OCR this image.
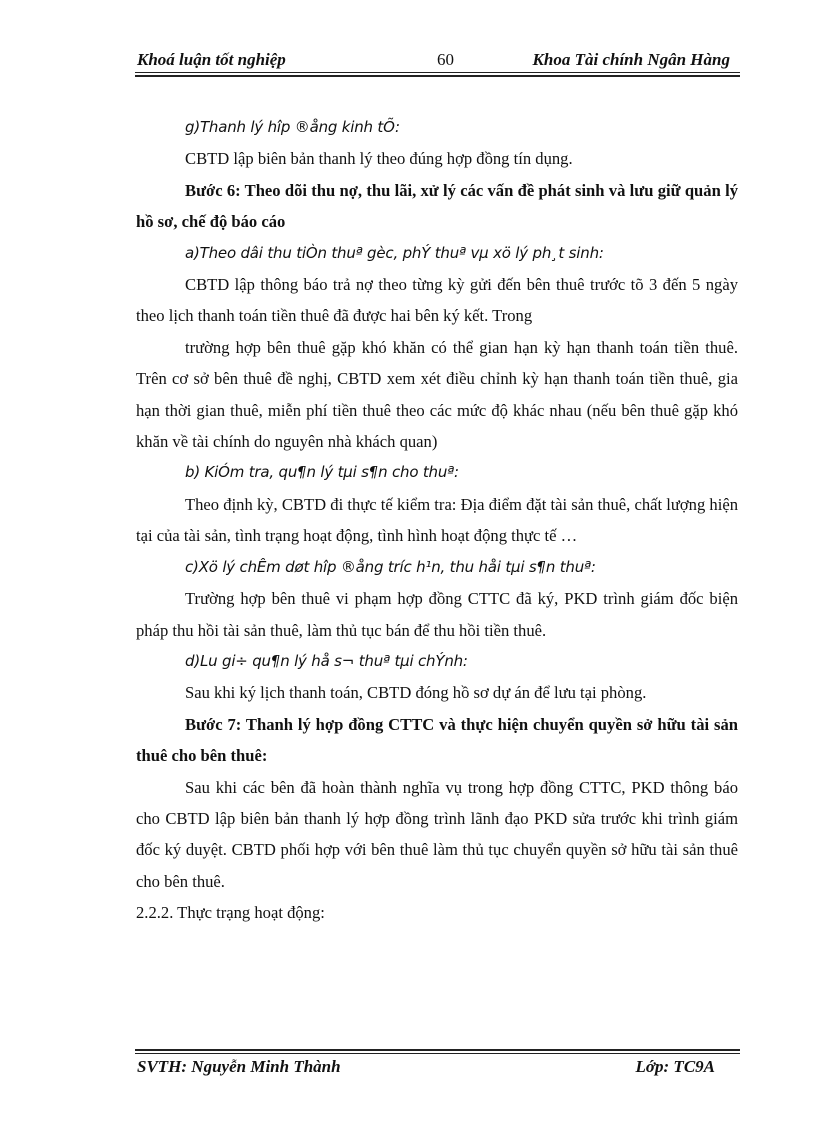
Khoá luận tốt nghiệp	60	Khoa Tài chính Ngân Hàng

g)Thanh lý hîp ®ång kinh tÕ:

CBTD lập biên bản thanh lý theo đúng hợp đồng tín dụng.

Bước 6: Theo dõi thu nợ, thu lãi, xử lý các vấn đề phát sinh và lưu giữ quản lý hồ sơ, chế độ báo cáo

a)Theo dâi thu tiÒn thuª gèc, phÝ thuª vµ xö lý ph¸t sinh:

CBTD lập thông báo trả nợ theo từng kỳ gửi đến bên thuê trước tõ 3 đến 5 ngày theo lịch thanh toán tiền thuê đã được hai bên ký kết. Trong

trường hợp bên thuê gặp khó khăn có thể gian hạn kỳ hạn thanh toán tiền thuê. Trên cơ sở bên thuê đề nghị, CBTD xem xét điều chỉnh kỳ hạn thanh toán tiền thuê, gia hạn thời gian thuê, miễn phí tiền thuê theo các mức độ khác nhau (nếu bên thuê gặp khó khăn về tài chính do nguyên nhà khách quan)

b) KiÓm tra, qu¶n lý tµi s¶n cho thuª:

Theo định kỳ, CBTD đi thực tế kiểm tra: Địa điểm đặt tài sản thuê, chất lượng hiện tại của tài sản, tình trạng hoạt động, tình hình hoạt động thực tế …

c)Xö lý chÊm døt hîp ®ång tríc h¹n, thu håi tµi s¶n thuª:

Trường hợp bên thuê vi phạm hợp đồng CTTC đã ký, PKD trình giám đốc biện pháp thu hồi tài sản thuê, làm thủ tục bán để thu hồi tiền thuê.

d)Lu gi÷ qu¶n lý hå s¬ thuª tµi chÝnh:

Sau khi ký lịch thanh toán, CBTD đóng hồ sơ dự án để lưu tại phòng.

Bước 7: Thanh lý hợp đồng CTTC và thực hiện chuyển quyền sở hữu tài sản thuê cho bên thuê:

Sau khi các bên đã hoàn thành nghĩa vụ trong hợp đồng CTTC, PKD thông báo cho CBTD lập biên bản thanh lý hợp đồng trình lãnh đạo PKD sửa trước khi trình giám đốc ký duyệt. CBTD phối hợp với bên thuê làm thủ tục chuyển quyền sở hữu tài sản thuê cho bên thuê.

2.2.2. Thực trạng hoạt động:

SVTH: Nguyễn Minh Thành	Lớp: TC9A
